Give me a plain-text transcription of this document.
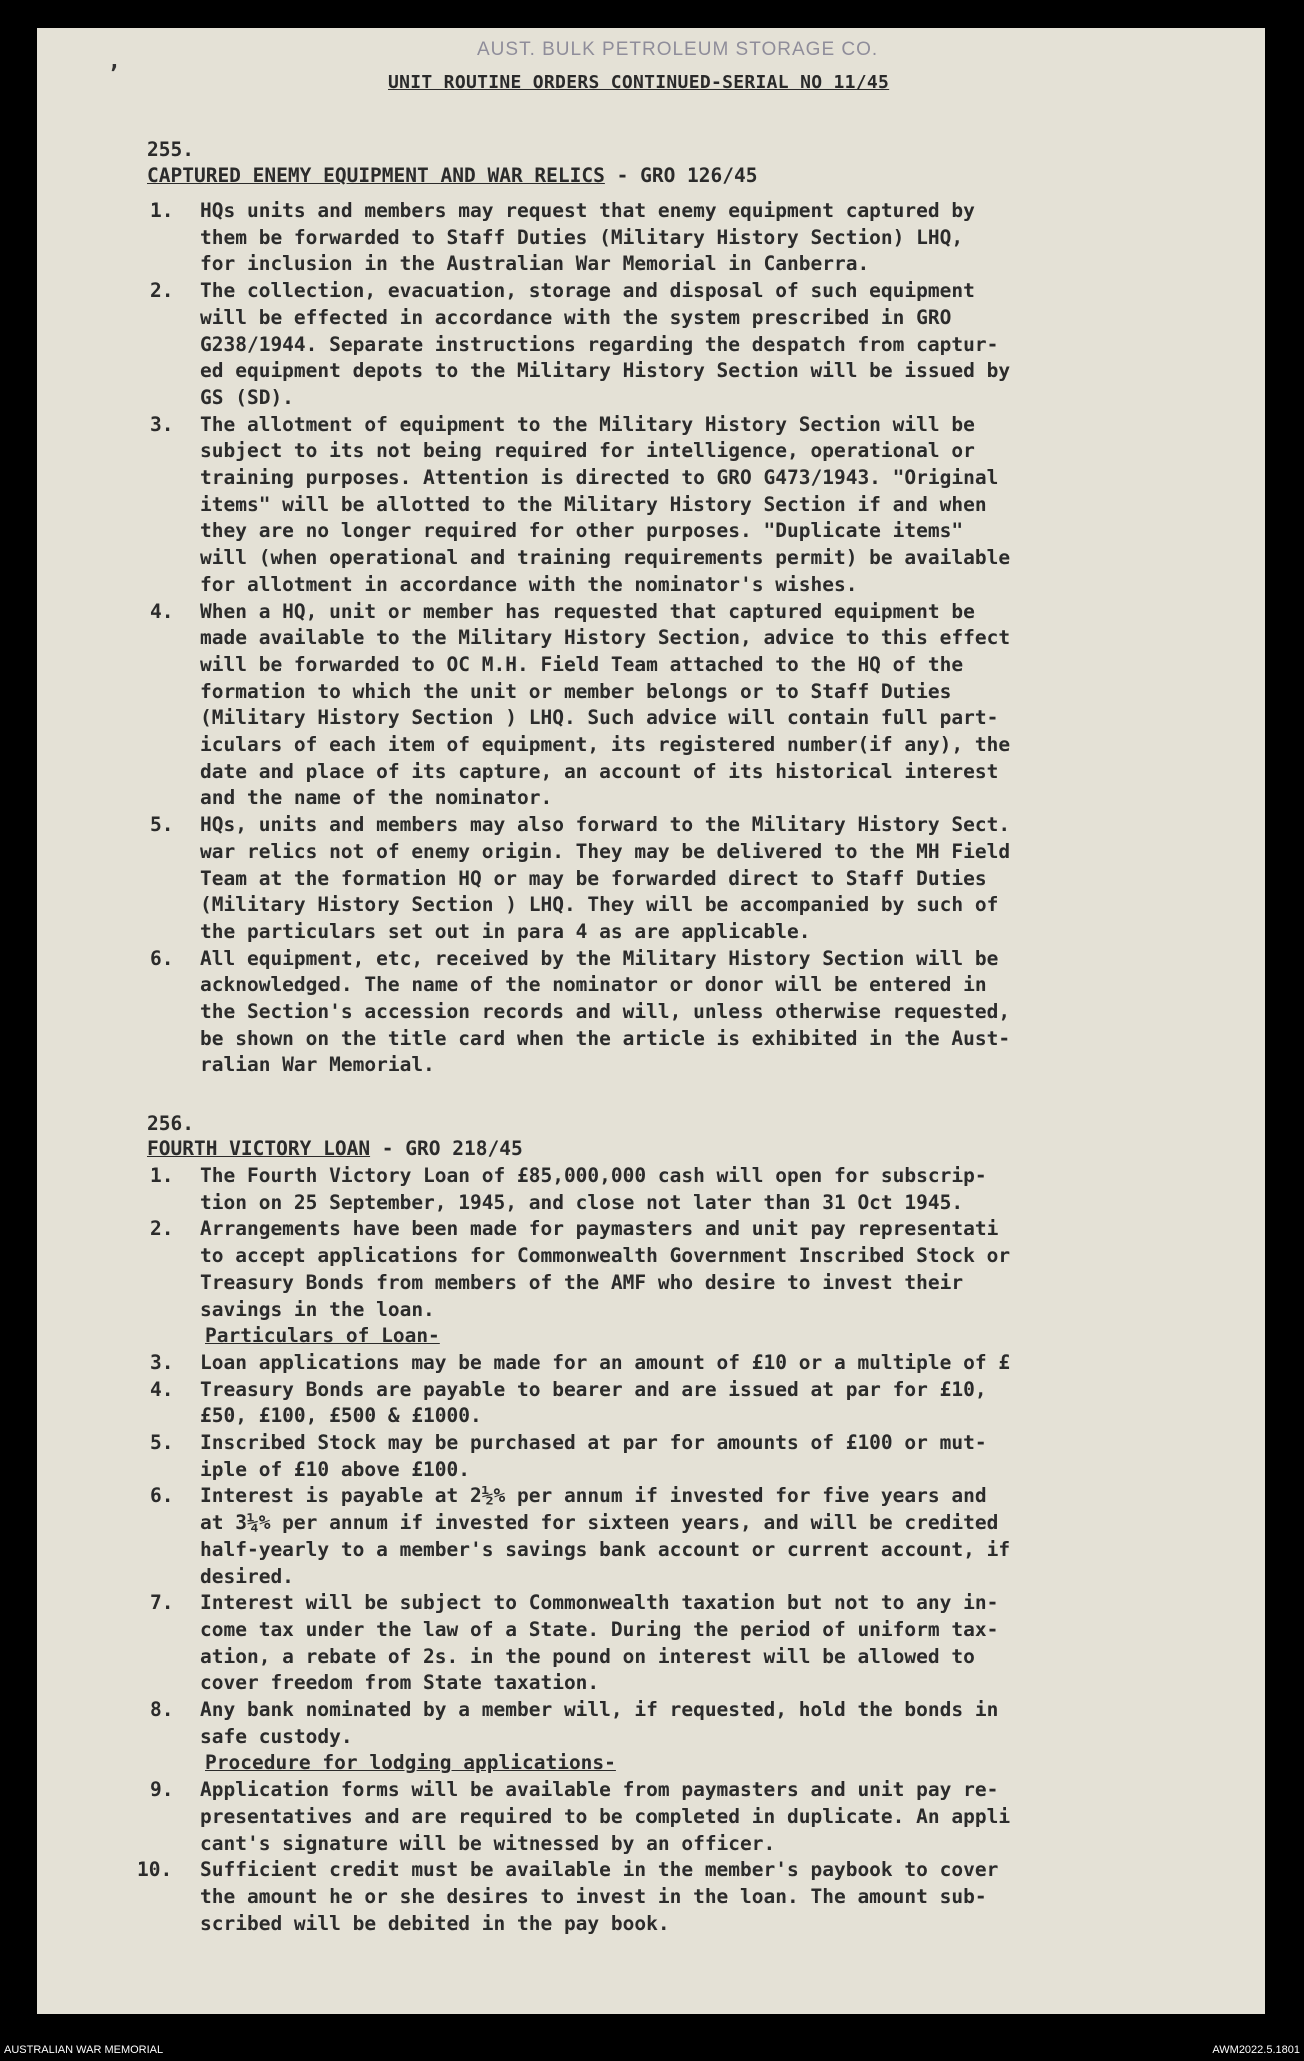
’
AUST. BULK PETROLEUM STORAGE CO.
UNIT ROUTINE ORDERS CONTINUED-SERIAL NO 11/45
255.
CAPTURED ENEMY EQUIPMENT AND WAR RELICS - GRO 126/45
1. HQs units and members may request that enemy equipment captured by
them be forwarded to Staff Duties (Military History Section) LHQ,
for inclusion in the Australian War Memorial in Canberra.
2. The collection, evacuation, storage and disposal of such equipment
will be effected in accordance with the system prescribed in GRO
G238/1944. Separate instructions regarding the despatch from captur-
ed equipment depots to the Military History Section will be issued by
GS (SD).
3. The allotment of equipment to the Military History Section will be
subject to its not being required for intelligence, operational or
training purposes. Attention is directed to GRO G473/1943. "Original
items" will be allotted to the Military History Section if and when
they are no longer required for other purposes. "Duplicate items"
will (when operational and training requirements permit) be available
for allotment in accordance with the nominator's wishes.
4. When a HQ, unit or member has requested that captured equipment be
made available to the Military History Section, advice to this effect
will be forwarded to OC M.H. Field Team attached to the HQ of the
formation to which the unit or member belongs or to Staff Duties
(Military History Section ) LHQ. Such advice will contain full part-
iculars of each item of equipment, its registered number(if any), the
date and place of its capture, an account of its historical interest
and the name of the nominator.
5. HQs, units and members may also forward to the Military History Sect.
war relics not of enemy origin. They may be delivered to the MH Field
Team at the formation HQ or may be forwarded direct to Staff Duties
(Military History Section ) LHQ. They will be accompanied by such of
the particulars set out in para 4 as are applicable.
6. All equipment, etc, received by the Military History Section will be
acknowledged. The name of the nominator or donor will be entered in
the Section's accession records and will, unless otherwise requested,
be shown on the title card when the article is exhibited in the Aust-
ralian War Memorial.
256.
FOURTH VICTORY LOAN - GRO 218/45
1. The Fourth Victory Loan of £85,000,000 cash will open for subscrip-
tion on 25 September, 1945, and close not later than 31 Oct 1945.
2. Arrangements have been made for paymasters and unit pay representati
to accept applications for Commonwealth Government Inscribed Stock or
Treasury Bonds from members of the AMF who desire to invest their
savings in the loan.
Particulars of Loan-
3. Loan applications may be made for an amount of £10 or a multiple of £
4. Treasury Bonds are payable to bearer and are issued at par for £10,
£50, £100, £500 & £1000.
5. Inscribed Stock may be purchased at par for amounts of £100 or mut-
iple of £10 above £100.
6. Interest is payable at 2½% per annum if invested for five years and
at 3¼% per annum if invested for sixteen years, and will be credited
half-yearly to a member's savings bank account or current account, if
desired.
7. Interest will be subject to Commonwealth taxation but not to any in-
come tax under the law of a State. During the period of uniform tax-
ation, a rebate of 2s. in the pound on interest will be allowed to
cover freedom from State taxation.
8. Any bank nominated by a member will, if requested, hold the bonds in
safe custody.
Procedure for lodging applications-
9. Application forms will be available from paymasters and unit pay re-
presentatives and are required to be completed in duplicate. An appli
cant's signature will be witnessed by an officer.
10. Sufficient credit must be available in the member's paybook to cover
the amount he or she desires to invest in the loan. The amount sub-
scribed will be debited in the pay book.
AUSTRALIAN WAR MEMORIAL	AWM2022.5.1801
